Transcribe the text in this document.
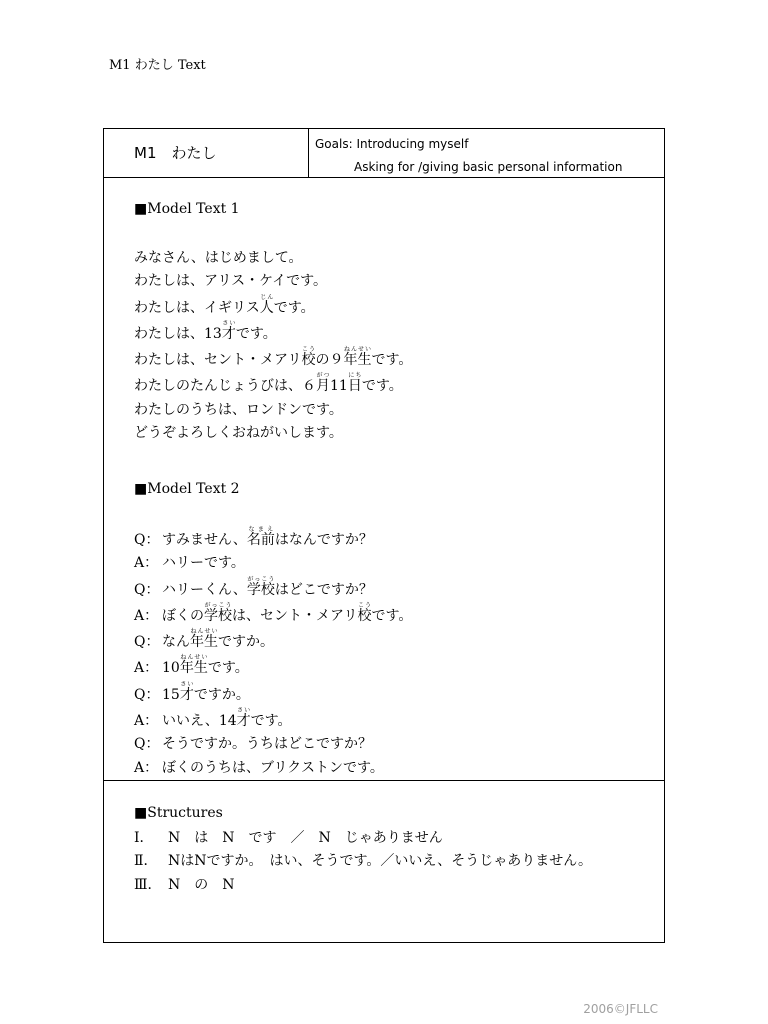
M1 わたし Text
M1　わたし	Goals: Introducing myself
Asking for /giving basic personal information
■Model Text 1
みなさん、はじめまして。
わたしは、アリス・ケイです。
わたしは、イギリス人じんです。
わたしは、13才さいです。
わたしは、セント・メアリ校こうの９年生ねんせいです。
わたしのたんじょうびは、６月がつ11日にちです。
わたしのうちは、ロンドンです。
どうぞよろしくおねがいします。
■Model Text 2
Q： すみません、名前なまえはなんですか？
A： ハリーです。
Q： ハリーくん、学校がっこうはどこですか？
A： ぼくの学校がっこうは、セント・メアリ校こうです。
Q： なん年生ねんせいですか。
A： 10年生ねんせいです。
Q： 15才さいですか。
A： いいえ、14才さいです。
Q： そうですか。うちはどこですか？
A： ぼくのうちは、ブリクストンです。
■Structures
Ⅰ． N　は　N　です　／　N　じゃありません
Ⅱ． NはNですか。　はい、そうです。／いいえ、そうじゃありません。
Ⅲ． N　の　N
2006©JFLLC
